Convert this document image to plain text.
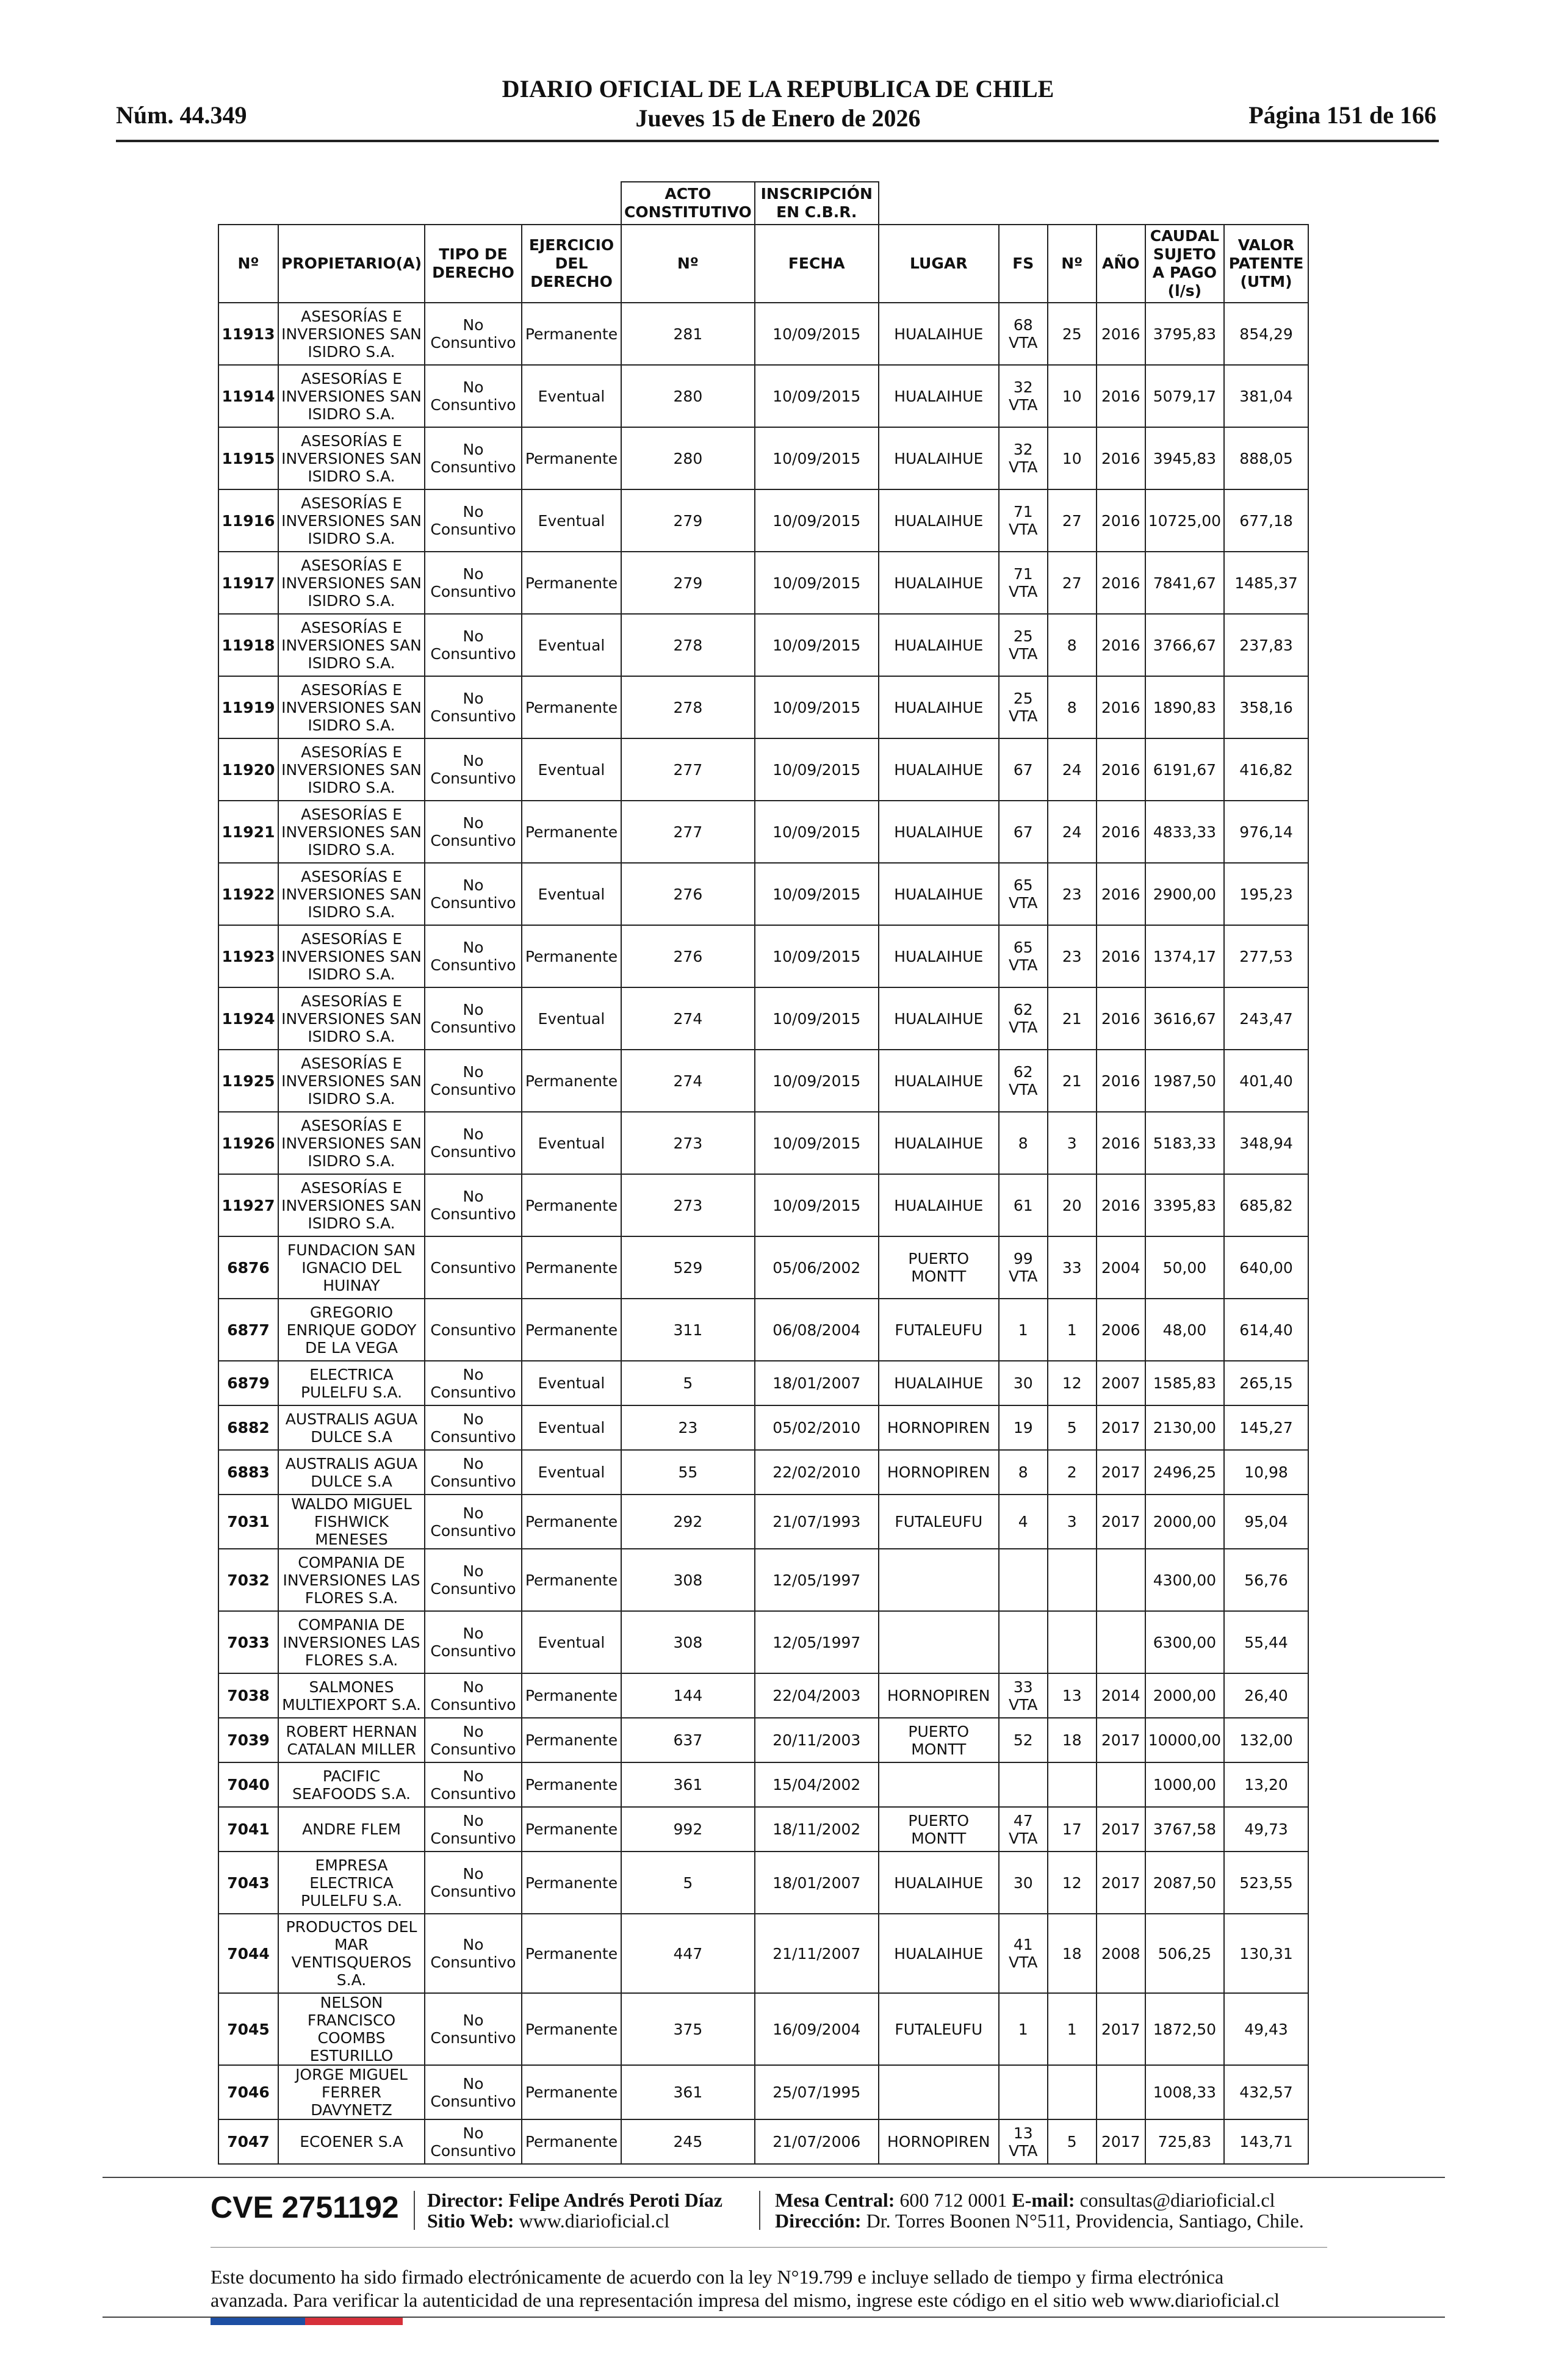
DIARIO OFICIAL DE LA REPUBLICA DE CHILE
Jueves 15 de Enero de 2026
Núm. 44.349	Página 151 de 166
				ACTO CONSTITUTIVO	INSCRIPCIÓN EN C.B.R.						
Nº	PROPIETARIO(A)	TIPO DE DERECHO	EJERCICIO DEL DERECHO	Nº	FECHA	LUGAR	FS	Nº	AÑO	CAUDAL SUJETO A PAGO (l/s)	VALOR PATENTE (UTM)
11913	ASESORÍAS E INVERSIONES SAN ISIDRO S.A.	No Consuntivo	Permanente	281	10/09/2015	HUALAIHUE	68 VTA	25	2016	3795,83	854,29
11914	ASESORÍAS E INVERSIONES SAN ISIDRO S.A.	No Consuntivo	Eventual	280	10/09/2015	HUALAIHUE	32 VTA	10	2016	5079,17	381,04
11915	ASESORÍAS E INVERSIONES SAN ISIDRO S.A.	No Consuntivo	Permanente	280	10/09/2015	HUALAIHUE	32 VTA	10	2016	3945,83	888,05
11916	ASESORÍAS E INVERSIONES SAN ISIDRO S.A.	No Consuntivo	Eventual	279	10/09/2015	HUALAIHUE	71 VTA	27	2016	10725,00	677,18
11917	ASESORÍAS E INVERSIONES SAN ISIDRO S.A.	No Consuntivo	Permanente	279	10/09/2015	HUALAIHUE	71 VTA	27	2016	7841,67	1485,37
11918	ASESORÍAS E INVERSIONES SAN ISIDRO S.A.	No Consuntivo	Eventual	278	10/09/2015	HUALAIHUE	25 VTA	8	2016	3766,67	237,83
11919	ASESORÍAS E INVERSIONES SAN ISIDRO S.A.	No Consuntivo	Permanente	278	10/09/2015	HUALAIHUE	25 VTA	8	2016	1890,83	358,16
11920	ASESORÍAS E INVERSIONES SAN ISIDRO S.A.	No Consuntivo	Eventual	277	10/09/2015	HUALAIHUE	67	24	2016	6191,67	416,82
11921	ASESORÍAS E INVERSIONES SAN ISIDRO S.A.	No Consuntivo	Permanente	277	10/09/2015	HUALAIHUE	67	24	2016	4833,33	976,14
11922	ASESORÍAS E INVERSIONES SAN ISIDRO S.A.	No Consuntivo	Eventual	276	10/09/2015	HUALAIHUE	65 VTA	23	2016	2900,00	195,23
11923	ASESORÍAS E INVERSIONES SAN ISIDRO S.A.	No Consuntivo	Permanente	276	10/09/2015	HUALAIHUE	65 VTA	23	2016	1374,17	277,53
11924	ASESORÍAS E INVERSIONES SAN ISIDRO S.A.	No Consuntivo	Eventual	274	10/09/2015	HUALAIHUE	62 VTA	21	2016	3616,67	243,47
11925	ASESORÍAS E INVERSIONES SAN ISIDRO S.A.	No Consuntivo	Permanente	274	10/09/2015	HUALAIHUE	62 VTA	21	2016	1987,50	401,40
11926	ASESORÍAS E INVERSIONES SAN ISIDRO S.A.	No Consuntivo	Eventual	273	10/09/2015	HUALAIHUE	8	3	2016	5183,33	348,94
11927	ASESORÍAS E INVERSIONES SAN ISIDRO S.A.	No Consuntivo	Permanente	273	10/09/2015	HUALAIHUE	61	20	2016	3395,83	685,82
6876	FUNDACION SAN IGNACIO DEL HUINAY	Consuntivo	Permanente	529	05/06/2002	PUERTO MONTT	99 VTA	33	2004	50,00	640,00
6877	GREGORIO ENRIQUE GODOY DE LA VEGA	Consuntivo	Permanente	311	06/08/2004	FUTALEUFU	1	1	2006	48,00	614,40
6879	ELECTRICA PULELFU S.A.	No Consuntivo	Eventual	5	18/01/2007	HUALAIHUE	30	12	2007	1585,83	265,15
6882	AUSTRALIS AGUA DULCE S.A	No Consuntivo	Eventual	23	05/02/2010	HORNOPIREN	19	5	2017	2130,00	145,27
6883	AUSTRALIS AGUA DULCE S.A	No Consuntivo	Eventual	55	22/02/2010	HORNOPIREN	8	2	2017	2496,25	10,98
7031	WALDO MIGUEL FISHWICK MENESES	No Consuntivo	Permanente	292	21/07/1993	FUTALEUFU	4	3	2017	2000,00	95,04
7032	COMPANIA DE INVERSIONES LAS FLORES S.A.	No Consuntivo	Permanente	308	12/05/1997					4300,00	56,76
7033	COMPANIA DE INVERSIONES LAS FLORES S.A.	No Consuntivo	Eventual	308	12/05/1997					6300,00	55,44
7038	SALMONES MULTIEXPORT S.A.	No Consuntivo	Permanente	144	22/04/2003	HORNOPIREN	33 VTA	13	2014	2000,00	26,40
7039	ROBERT HERNAN CATALAN MILLER	No Consuntivo	Permanente	637	20/11/2003	PUERTO MONTT	52	18	2017	10000,00	132,00
7040	PACIFIC SEAFOODS S.A.	No Consuntivo	Permanente	361	15/04/2002					1000,00	13,20
7041	ANDRE FLEM	No Consuntivo	Permanente	992	18/11/2002	PUERTO MONTT	47 VTA	17	2017	3767,58	49,73
7043	EMPRESA ELECTRICA PULELFU S.A.	No Consuntivo	Permanente	5	18/01/2007	HUALAIHUE	30	12	2017	2087,50	523,55
7044	PRODUCTOS DEL MAR VENTISQUEROS S.A.	No Consuntivo	Permanente	447	21/11/2007	HUALAIHUE	41 VTA	18	2008	506,25	130,31
7045	NELSON FRANCISCO COOMBS ESTURILLO	No Consuntivo	Permanente	375	16/09/2004	FUTALEUFU	1	1	2017	1872,50	49,43
7046	JORGE MIGUEL FERRER DAVYNETZ	No Consuntivo	Permanente	361	25/07/1995					1008,33	432,57
7047	ECOENER S.A	No Consuntivo	Permanente	245	21/07/2006	HORNOPIREN	13 VTA	5	2017	725,83	143,71
CVE 2751192 Director: Felipe Andrés Peroti Díaz
Sitio Web: www.diarioficial.cl
Mesa Central: 600 712 0001 E-mail: consultas@diarioficial.cl
Dirección: Dr. Torres Boonen N°511, Providencia, Santiago, Chile.
Este documento ha sido firmado electrónicamente de acuerdo con la ley N°19.799 e incluye sellado de tiempo y firma electrónica
avanzada. Para verificar la autenticidad de una representación impresa del mismo, ingrese este código en el sitio web www.diarioficial.cl
